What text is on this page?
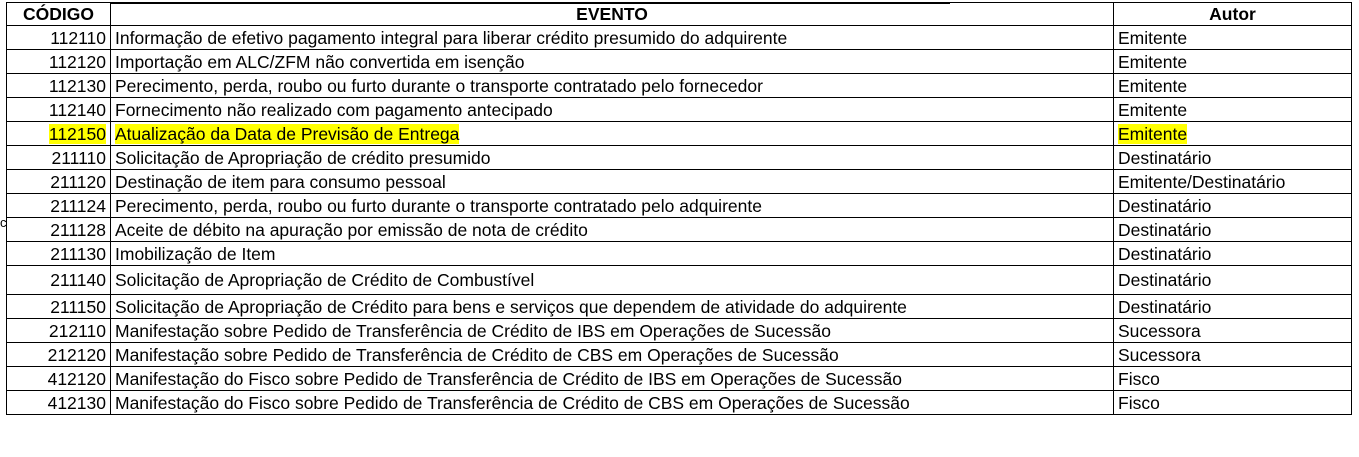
c
CÓDIGO	EVENTO	Autor
112110	Informação de efetivo pagamento integral para liberar crédito presumido do adquirente	Emitente
112120	Importação em ALC/ZFM não convertida em isenção	Emitente
112130	Perecimento, perda, roubo ou furto durante o transporte contratado pelo fornecedor	Emitente
112140	Fornecimento não realizado com pagamento antecipado	Emitente
112150	Atualização da Data de Previsão de Entrega	Emitente
211110	Solicitação de Apropriação de crédito presumido	Destinatário
211120	Destinação de item para consumo pessoal	Emitente/Destinatário
211124	Perecimento, perda, roubo ou furto durante o transporte contratado pelo adquirente	Destinatário
211128	Aceite de débito na apuração por emissão de nota de crédito	Destinatário
211130	Imobilização de Item	Destinatário
211140	Solicitação de Apropriação de Crédito de Combustível	Destinatário
211150	Solicitação de Apropriação de Crédito para bens e serviços que dependem de atividade do adquirente	Destinatário
212110	Manifestação sobre Pedido de Transferência de Crédito de IBS em Operações de Sucessão	Sucessora
212120	Manifestação sobre Pedido de Transferência de Crédito de CBS em Operações de Sucessão	Sucessora
412120	Manifestação do Fisco sobre Pedido de Transferência de Crédito de IBS em Operações de Sucessão	Fisco
412130	Manifestação do Fisco sobre Pedido de Transferência de Crédito de CBS em Operações de Sucessão	Fisco
